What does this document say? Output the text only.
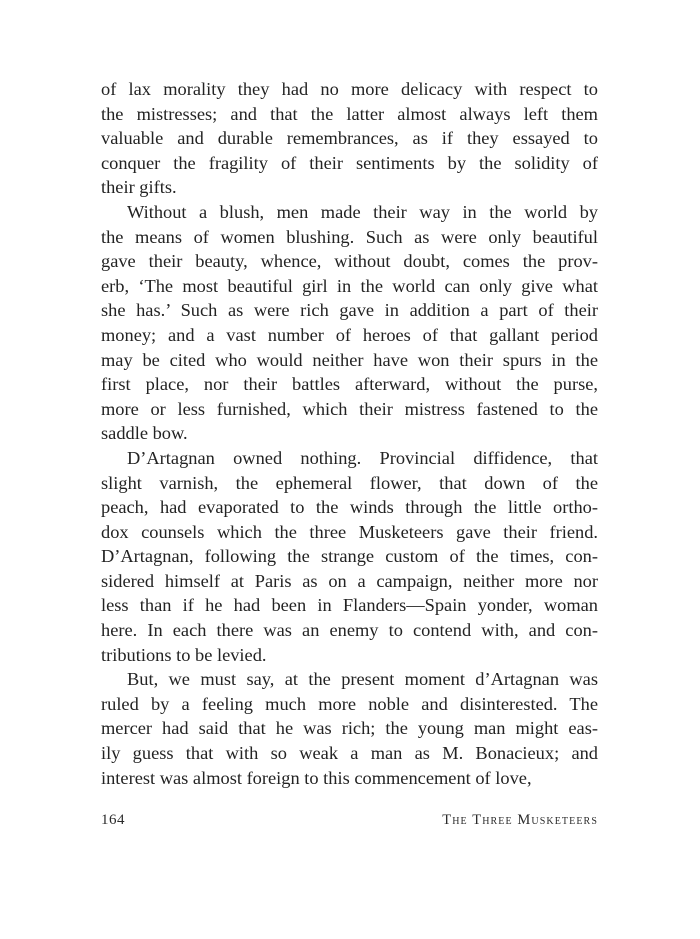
of lax morality they had no more delicacy with respect to
the mistresses; and that the latter almost always left them
valuable and durable remembrances, as if they essayed to
conquer the fragility of their sentiments by the solidity of
their gifts.
Without a blush, men made their way in the world by
the means of women blushing. Such as were only beautiful
gave their beauty, whence, without doubt, comes the prov-
erb, ‘The most beautiful girl in the world can only give what
she has.’ Such as were rich gave in addition a part of their
money; and a vast number of heroes of that gallant period
may be cited who would neither have won their spurs in the
first place, nor their battles afterward, without the purse,
more or less furnished, which their mistress fastened to the
saddle bow.
D’Artagnan owned nothing. Provincial diffidence, that
slight varnish, the ephemeral flower, that down of the
peach, had evaporated to the winds through the little ortho-
dox counsels which the three Musketeers gave their friend.
D’Artagnan, following the strange custom of the times, con-
sidered himself at Paris as on a campaign, neither more nor
less than if he had been in Flanders—Spain yonder, woman
here. In each there was an enemy to contend with, and con-
tributions to be levied.
But, we must say, at the present moment d’Artagnan was
ruled by a feeling much more noble and disinterested. The
mercer had said that he was rich; the young man might eas-
ily guess that with so weak a man as M. Bonacieux; and
interest was almost foreign to this commencement of love,
164	The Three Musketeers
